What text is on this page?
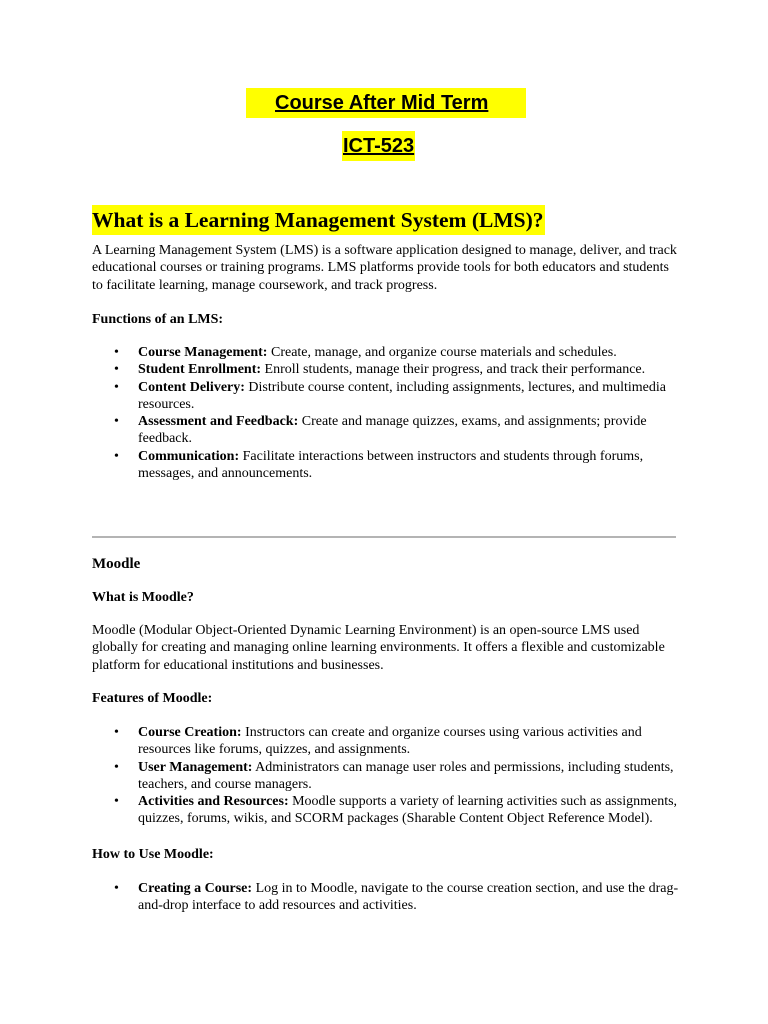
Course After Mid Term
ICT-523
What is a Learning Management System (LMS)?

A Learning Management System (LMS) is a software application designed to manage, deliver, and track educational courses or training programs. LMS platforms provide tools for both educators and students to facilitate learning, manage coursework, and track progress.

Functions of an LMS:
• Course Management: Create, manage, and organize course materials and schedules.
• Student Enrollment: Enroll students, manage their progress, and track their performance.
• Content Delivery: Distribute course content, including assignments, lectures, and multimedia resources.
• Assessment and Feedback: Create and manage quizzes, exams, and assignments; provide feedback.
• Communication: Facilitate interactions between instructors and students through forums, messages, and announcements.
Moodle
What is Moodle?

Moodle (Modular Object-Oriented Dynamic Learning Environment) is an open-source LMS used globally for creating and managing online learning environments. It offers a flexible and customizable platform for educational institutions and businesses.

Features of Moodle:
• Course Creation: Instructors can create and organize courses using various activities and resources like forums, quizzes, and assignments.
• User Management: Administrators can manage user roles and permissions, including students, teachers, and course managers.
• Activities and Resources: Moodle supports a variety of learning activities such as assignments, quizzes, forums, wikis, and SCORM packages (Sharable Content Object Reference Model).
How to Use Moodle:
• Creating a Course: Log in to Moodle, navigate to the course creation section, and use the drag-and-drop interface to add resources and activities.
